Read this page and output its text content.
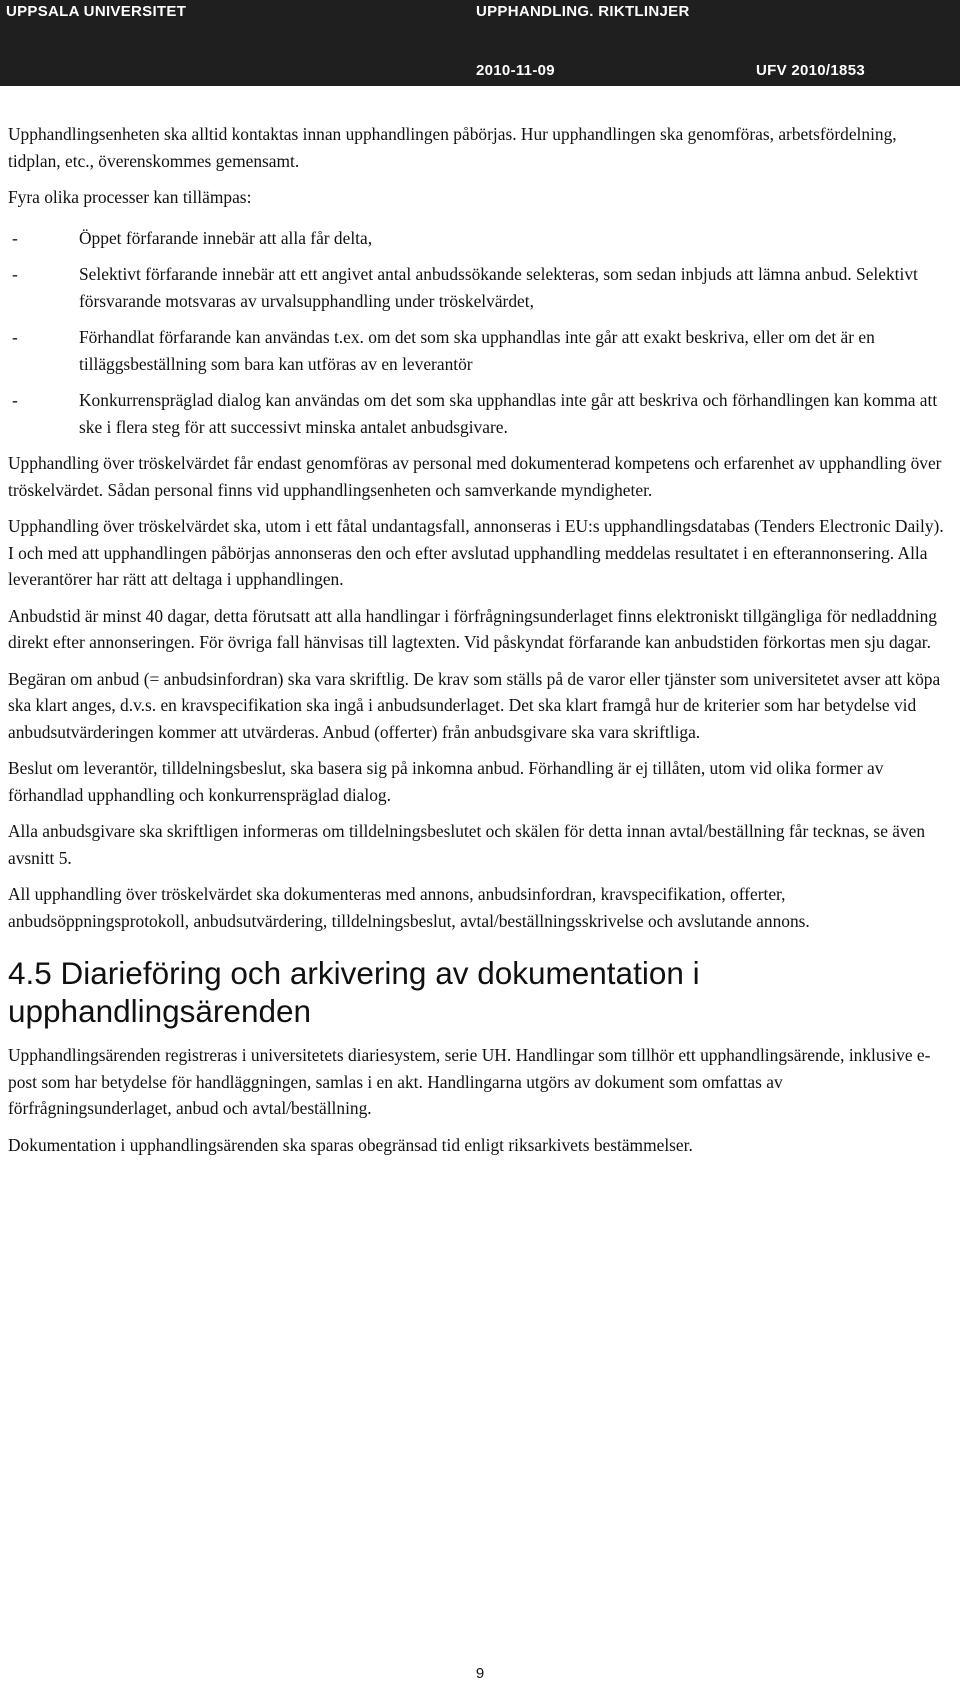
UPPSALA UNIVERSITET	UPPHANDLING. RIKTLINJER
2010-11-09	UFV 2010/1853

Upphandlingsenheten ska alltid kontaktas innan upphandlingen påbörjas. Hur upphandlingen ska genomföras, arbetsfördelning, tidplan, etc., överenskommes gemensamt.

Fyra olika processer kan tillämpas:

-	Öppet förfarande innebär att alla får delta,
-	Selektivt förfarande innebär att ett angivet antal anbudssökande selekteras, som sedan inbjuds att lämna anbud. Selektivt försvarande motsvaras av urvalsupphandling under tröskelvärdet,
-	Förhandlat förfarande kan användas t.ex. om det som ska upphandlas inte går att exakt beskriva, eller om det är en tilläggsbeställning som bara kan utföras av en leverantör
-	Konkurrenspräglad dialog kan användas om det som ska upphandlas inte går att beskriva och förhandlingen kan komma att ske i flera steg för att successivt minska antalet anbudsgivare.

Upphandling över tröskelvärdet får endast genomföras av personal med dokumenterad kompetens och erfarenhet av upphandling över tröskelvärdet. Sådan personal finns vid upphandlingsenheten och samverkande myndigheter.

Upphandling över tröskelvärdet ska, utom i ett fåtal undantagsfall, annonseras i EU:s upphandlingsdatabas (Tenders Electronic Daily). I och med att upphandlingen påbörjas annonseras den och efter avslutad upphandling meddelas resultatet i en efterannonsering. Alla leverantörer har rätt att deltaga i upphandlingen.

Anbudstid är minst 40 dagar, detta förutsatt att alla handlingar i förfrågningsunderlaget finns elektroniskt tillgängliga för nedladdning direkt efter annonseringen. För övriga fall hänvisas till lagtexten. Vid påskyndat förfarande kan anbudstiden förkortas men sju dagar.

Begäran om anbud (= anbudsinfordran) ska vara skriftlig. De krav som ställs på de varor eller tjänster som universitetet avser att köpa ska klart anges, d.v.s. en kravspecifikation ska ingå i anbudsunderlaget. Det ska klart framgå hur de kriterier som har betydelse vid anbudsutvärderingen kommer att utvärderas. Anbud (offerter) från anbudsgivare ska vara skriftliga.

Beslut om leverantör, tilldelningsbeslut, ska basera sig på inkomna anbud. Förhandling är ej tillåten, utom vid olika former av förhandlad upphandling och konkurrenspräglad dialog.

Alla anbudsgivare ska skriftligen informeras om tilldelningsbeslutet och skälen för detta innan avtal/beställning får tecknas, se även avsnitt 5.

All upphandling över tröskelvärdet ska dokumenteras med annons, anbudsinfordran, kravspecifikation, offerter, anbudsöppningsprotokoll, anbudsutvärdering, tilldelningsbeslut, avtal/beställningsskrivelse och avslutande annons.

4.5 Diarieföring och arkivering av dokumentation i upphandlingsärenden

Upphandlingsärenden registreras i universitetets diariesystem, serie UH. Handlingar som tillhör ett upphandlingsärende, inklusive e-post som har betydelse för handläggningen, samlas i en akt. Handlingarna utgörs av dokument som omfattas av förfrågningsunderlaget, anbud och avtal/beställning.

Dokumentation i upphandlingsärenden ska sparas obegränsad tid enligt riksarkivets bestämmelser.

9
